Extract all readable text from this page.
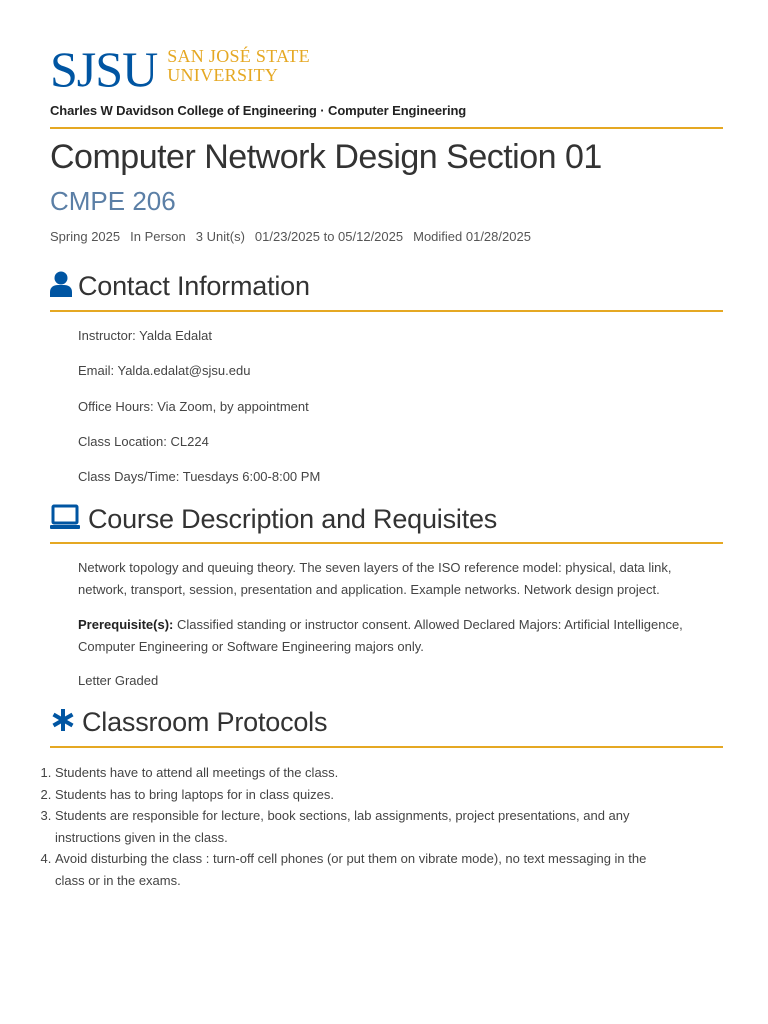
SJSU SAN JOSÉ STATE
UNIVERSITY
Charles W Davidson College of Engineering · Computer Engineering
Computer Network Design Section 01
CMPE 206
Spring 2025 In Person 3 Unit(s) 01/23/2025 to 05/12/2025 Modified 01/28/2025
Contact Information
Instructor: Yalda Edalat
Email: Yalda.edalat@sjsu.edu
Office Hours: Via Zoom, by appointment
Class Location: CL224
Class Days/Time: Tuesdays 6:00-8:00 PM
Course Description and Requisites
Network topology and queuing theory. The seven layers of the ISO reference model: physical, data link, network, transport, session, presentation and application. Example networks. Network design project.
Prerequisite(s): Classified standing or instructor consent. Allowed Declared Majors: Artificial Intelligence, Computer Engineering or Software Engineering majors only.
Letter Graded
Classroom Protocols
1. Students have to attend all meetings of the class.
2. Students has to bring laptops for in class quizes.
3. Students are responsible for lecture, book sections, lab assignments, project presentations, and any instructions given in the class.
4. Avoid disturbing the class : turn-off cell phones (or put them on vibrate mode), no text messaging in the class or in the exams.
